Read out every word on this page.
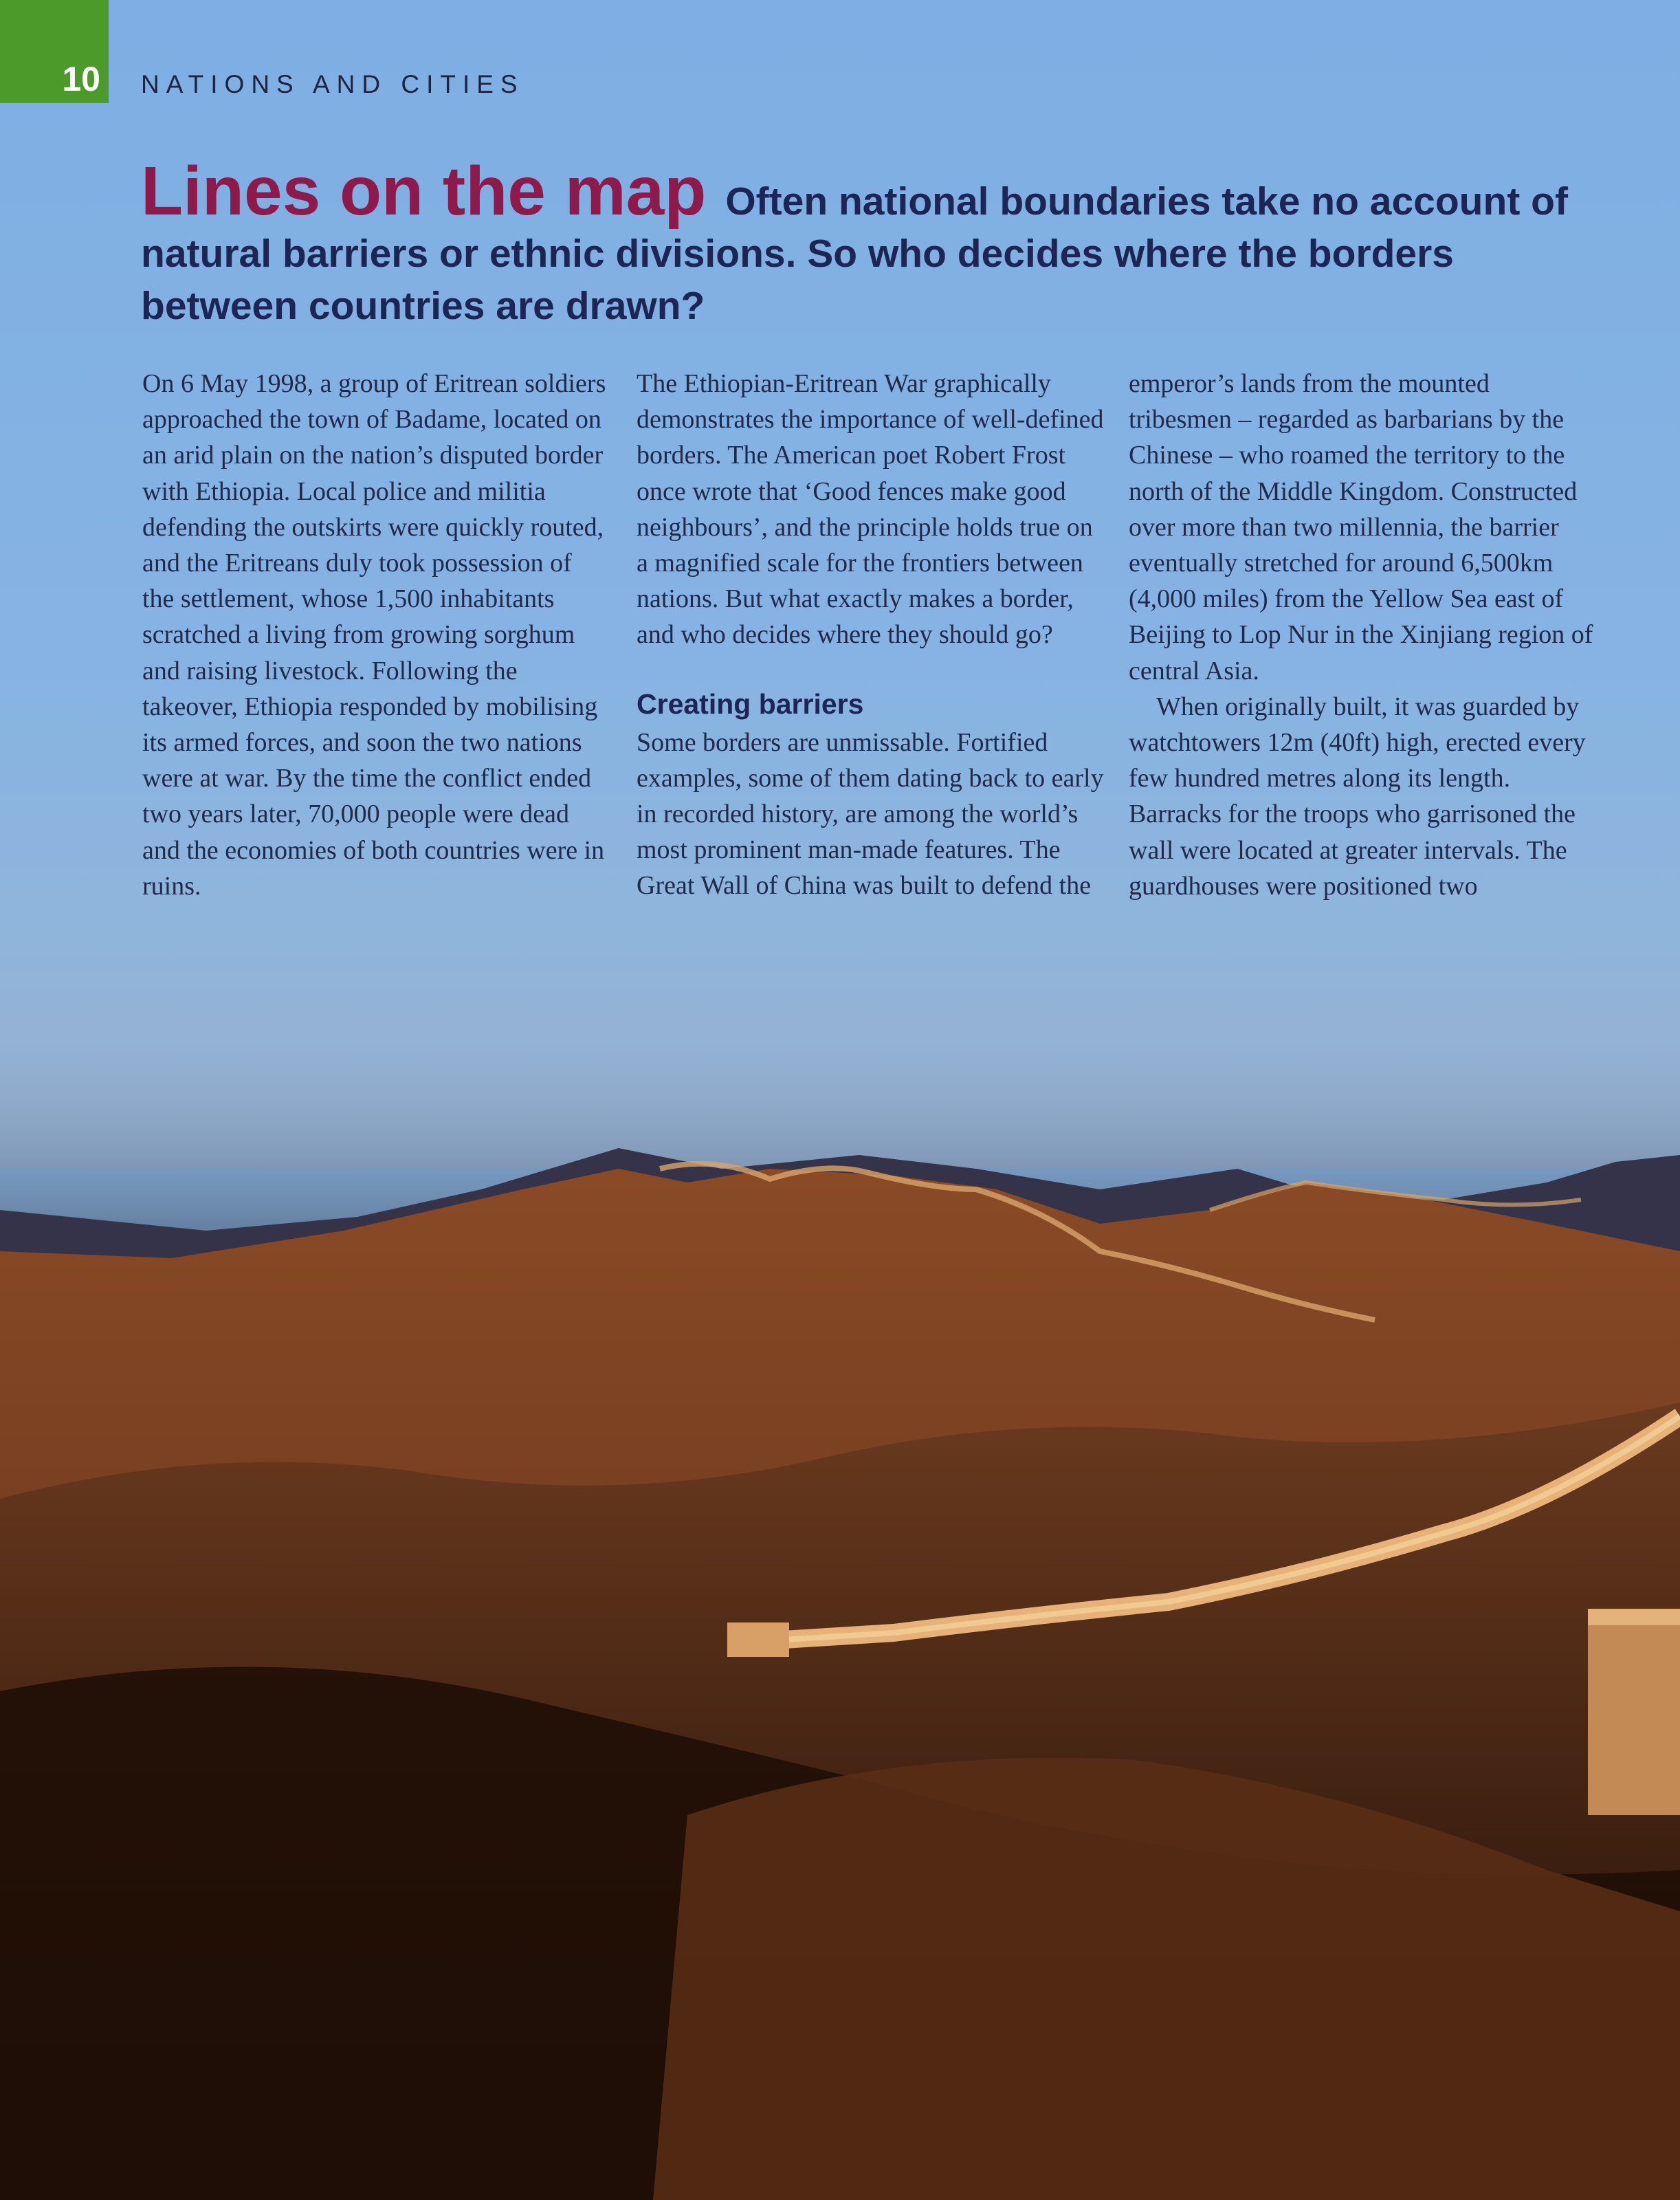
10	NATIONS AND CITIES
Lines on the map Often national boundaries take no account of natural barriers or ethnic divisions. So who decides where the borders between countries are drawn?

On 6 May 1998, a group of Eritrean soldiers approached the town of Badame, located on an arid plain on the nation’s disputed border with Ethiopia. Local police and militia defending the outskirts were quickly routed, and the Eritreans duly took possession of the settlement, whose 1,500 inhabitants scratched a living from growing sorghum and raising livestock. Following the takeover, Ethiopia responded by mobilising its armed forces, and soon the two nations were at war. By the time the conflict ended two years later, 70,000 people were dead and the economies of both countries were in ruins.

The Ethiopian-Eritrean War graphically demonstrates the importance of well-defined borders. The American poet Robert Frost once wrote that ‘Good fences make good neighbours’, and the principle holds true on a magnified scale for the frontiers between nations. But what exactly makes a border, and who decides where they should go?

Creating barriers

Some borders are unmissable. Fortified examples, some of them dating back to early in recorded history, are among the world’s most prominent man-made features. The Great Wall of China was built to defend the

emperor’s lands from the mounted tribesmen – regarded as barbarians by the Chinese – who roamed the territory to the north of the Middle Kingdom. Constructed over more than two millennia, the barrier eventually stretched for around 6,500km (4,000 miles) from the Yellow Sea east of Beijing to Lop Nur in the Xinjiang region of central Asia.

When originally built, it was guarded by watchtowers 12m (40ft) high, erected every few hundred metres along its length. Barracks for the troops who garrisoned the wall were located at greater intervals. The guardhouses were positioned two
